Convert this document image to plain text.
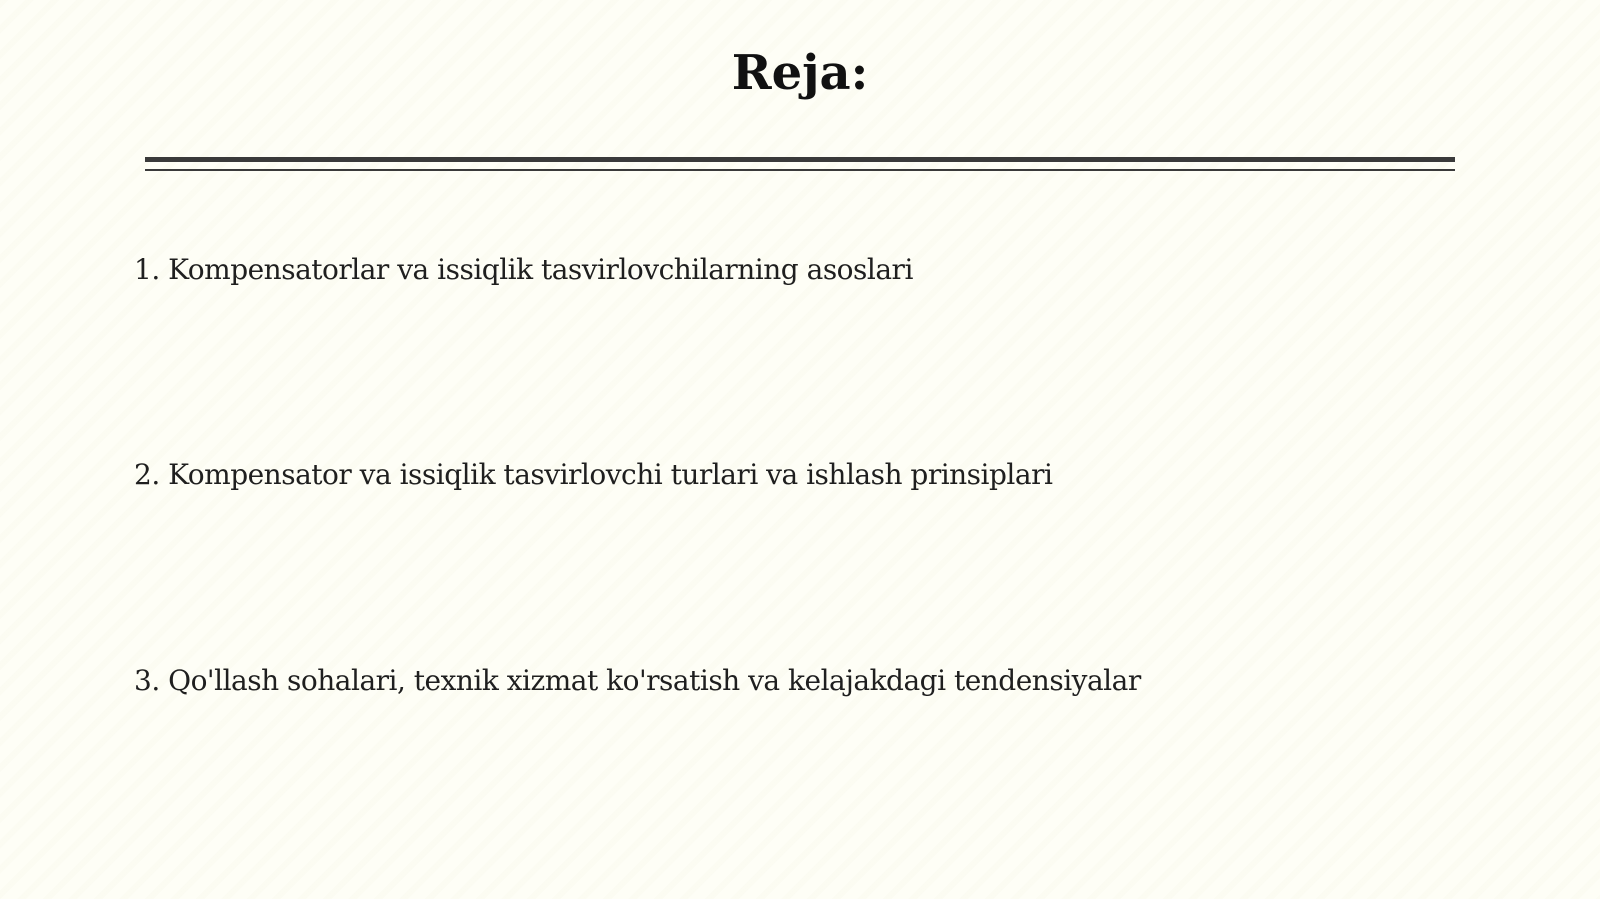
Reja:
1. Kompensatorlar va issiqlik tasvirlovchilarning asoslari
2. Kompensator va issiqlik tasvirlovchi turlari va ishlash prinsiplari
3. Qo'llash sohalari, texnik xizmat ko'rsatish va kelajakdagi tendensiyalar
